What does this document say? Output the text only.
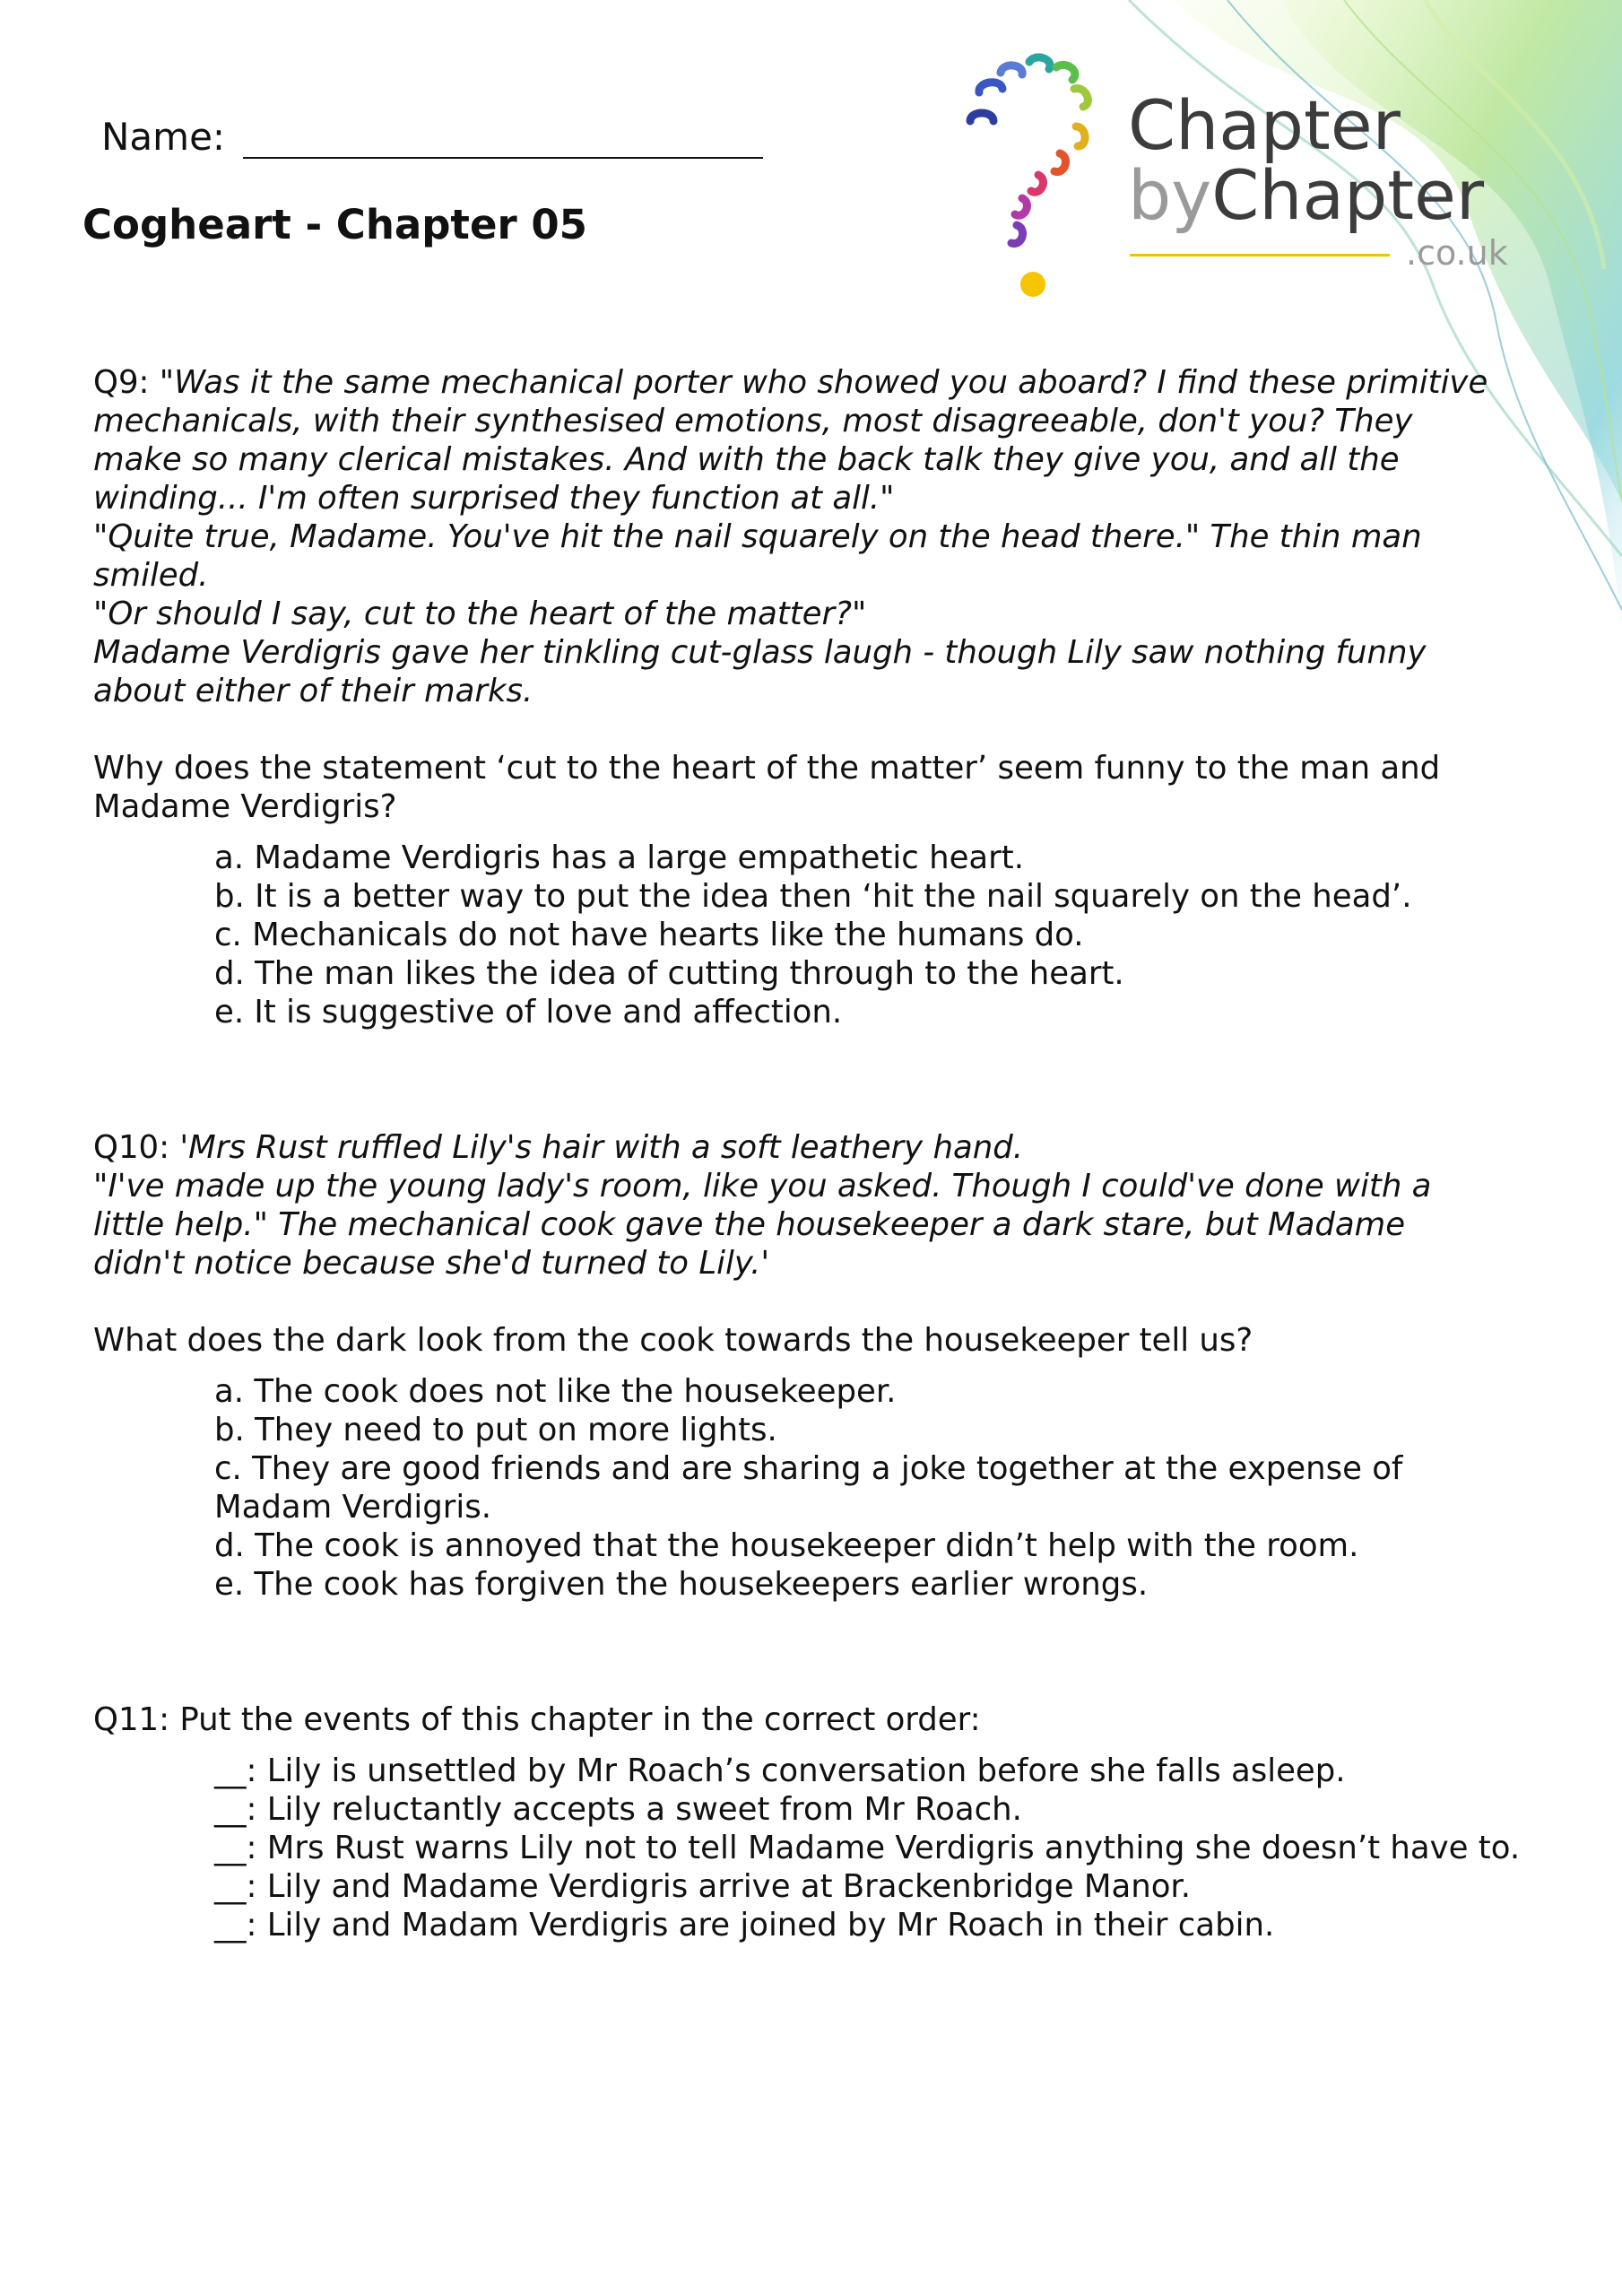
Name:
Cogheart - Chapter 05
Chapter
byChapter
.co.uk

Q9: "Was it the same mechanical porter who showed you aboard? I find these primitive

mechanicals, with their synthesised emotions, most disagreeable, don't you? They

make so many clerical mistakes. And with the back talk they give you, and all the

winding... I'm often surprised they function at all."

"Quite true, Madame. You've hit the nail squarely on the head there." The thin man

smiled.

"Or should I say, cut to the heart of the matter?"

Madame Verdigris gave her tinkling cut-glass laugh - though Lily saw nothing funny

about either of their marks.

Why does the statement ‘cut to the heart of the matter’ seem funny to the man and Madame Verdigris?

a. Madame Verdigris has a large empathetic heart.
b. It is a better way to put the idea then ‘hit the nail squarely on the head’.
c. Mechanicals do not have hearts like the humans do.
d. The man likes the idea of cutting through to the heart.
e. It is suggestive of love and affection.

Q10: 'Mrs Rust ruffled Lily's hair with a soft leathery hand.

"I've made up the young lady's room, like you asked. Though I could've done with a

little help." The mechanical cook gave the housekeeper a dark stare, but Madame

didn't notice because she'd turned to Lily.'

What does the dark look from the cook towards the housekeeper tell us?

a. The cook does not like the housekeeper.
b. They need to put on more lights.
c. They are good friends and are sharing a joke together at the expense of Madam Verdigris.
d. The cook is annoyed that the housekeeper didn’t help with the room.
e. The cook has forgiven the housekeepers earlier wrongs.

Q11: Put the events of this chapter in the correct order:

__: Lily is unsettled by Mr Roach’s conversation before she falls asleep.
__: Lily reluctantly accepts a sweet from Mr Roach.
__: Mrs Rust warns Lily not to tell Madame Verdigris anything she doesn’t have to.
__: Lily and Madame Verdigris arrive at Brackenbridge Manor.
__: Lily and Madam Verdigris are joined by Mr Roach in their cabin.
